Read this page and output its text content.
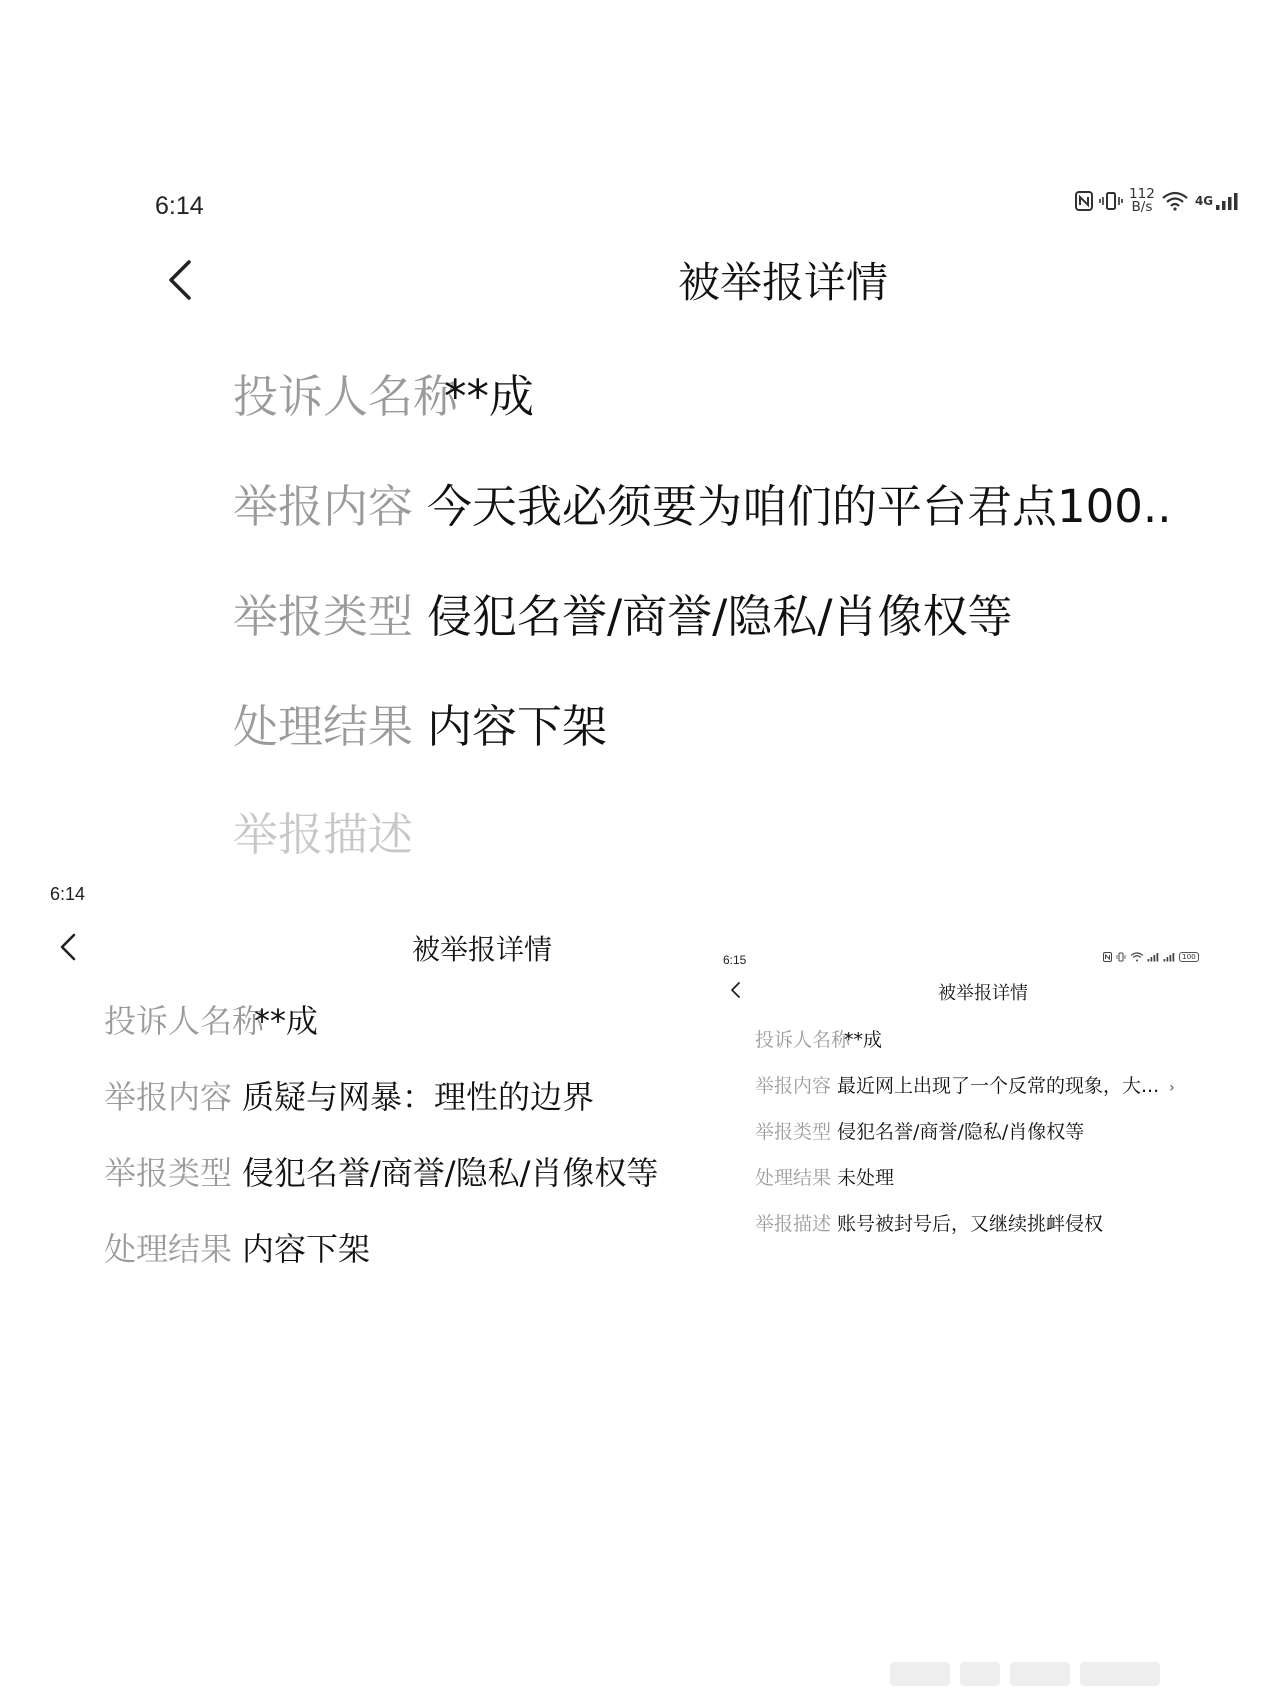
6:14	112
B/s	4G
被举报详情
投诉人名称**成
举报内容 今天我必须要为咱们的平台君点100..
举报类型 侵犯名誉/商誉/隐私/肖像权等
处理结果 内容下架
举报描述
6:14
被举报详情
投诉人名称**成
举报内容 质疑与网暴：理性的边界
举报类型 侵犯名誉/商誉/隐私/肖像权等
处理结果 内容下架
6:15	100
被举报详情
投诉人名称**成
举报内容 最近网上出现了一个反常的现象，大... ›
举报类型 侵犯名誉/商誉/隐私/肖像权等
处理结果 未处理
举报描述 账号被封号后，又继续挑衅侵权
